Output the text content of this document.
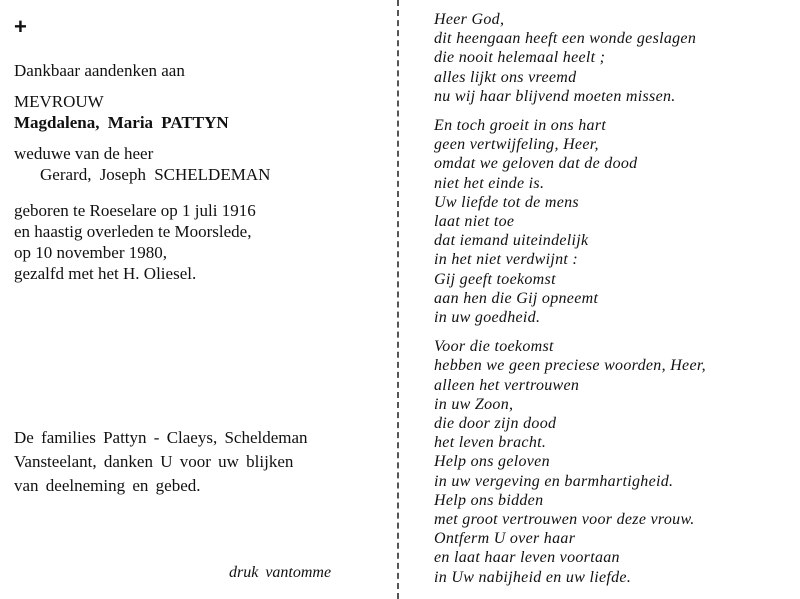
+
Dankbaar aandenken aan
MEVROUW
Magdalena, Maria PATTYN
weduwe van de heer
Gerard, Joseph SCHELDEMAN
geboren te Roeselare op 1 juli 1916
en haastig overleden te Moorslede,
op 10 november 1980,
gezalfd met het H. Oliesel.
De families Pattyn - Claeys, Scheldeman
Vansteelant, danken U voor uw blijken
van deelneming en gebed.
druk vantomme
Heer God,
dit heengaan heeft een wonde geslagen
die nooit helemaal heelt ;
alles lijkt ons vreemd
nu wij haar blijvend moeten missen.
En toch groeit in ons hart
geen vertwijfeling, Heer,
omdat we geloven dat de dood
niet het einde is.
Uw liefde tot de mens
laat niet toe
dat iemand uiteindelijk
in het niet verdwijnt :
Gij geeft toekomst
aan hen die Gij opneemt
in uw goedheid.
Voor die toekomst
hebben we geen preciese woorden, Heer,
alleen het vertrouwen
in uw Zoon,
die door zijn dood
het leven bracht.
Help ons geloven
in uw vergeving en barmhartigheid.
Help ons bidden
met groot vertrouwen voor deze vrouw.
Ontferm U over haar
en laat haar leven voortaan
in Uw nabijheid en uw liefde.
